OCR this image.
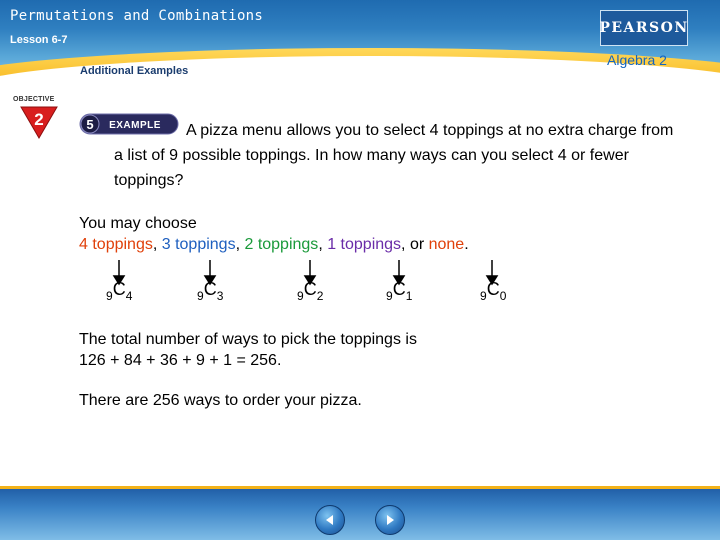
Permutations and Combinations
Lesson 6-7
Additional Examples
PEARSON
Algebra 2
OBJECTIVE
2	5 EXAMPLE	A pizza menu allows you to select 4 toppings at no extra charge from a list of 9 possible toppings. In how many ways can you select 4 or fewer toppings?

You may choose
4 toppings, 3 toppings, 2 toppings, 1 toppings, or none.
$_9C_4$	$_9C_3$	$_9C_2$	$_9C_1$	$_9C_0$
The total number of ways to pick the toppings is
126 + 84 + 36 + 9 + 1 = 256.
There are 256 ways to order your pizza.
